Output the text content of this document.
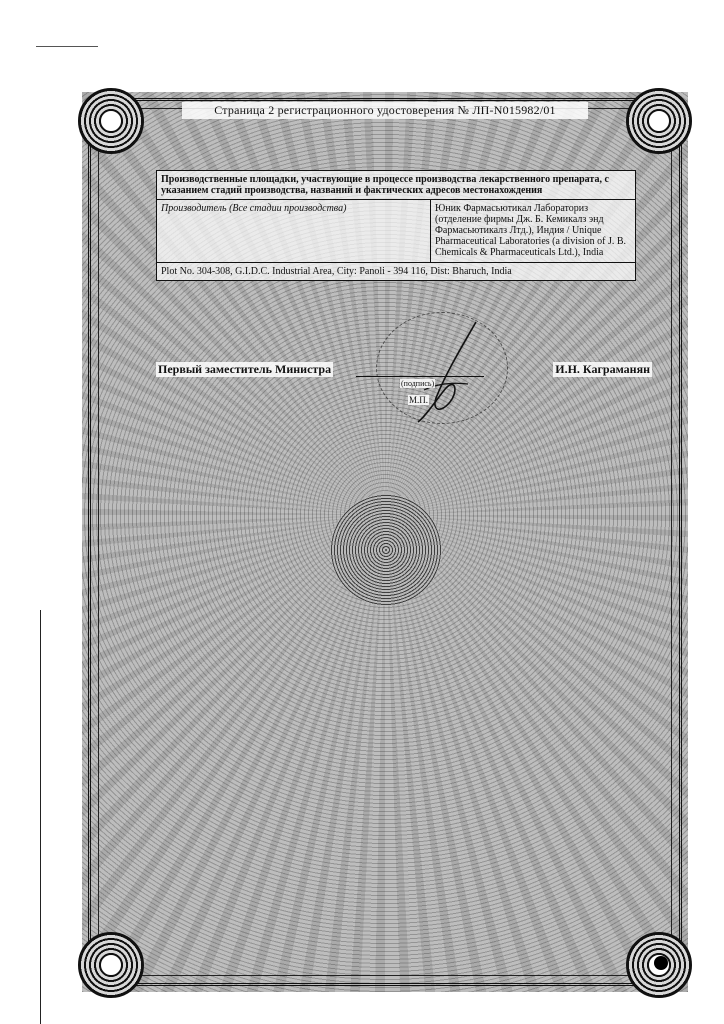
Страница 2 регистрационного удостоверения № ЛП-N015982/01
Производственные площадки, участвующие в процессе производства лекарственного препарата, с указанием стадий производства, названий и фактических адресов местонахождения
Производитель (Все стадии производства)	Юник Фармасьютикал Лабораториз (отделение фирмы Дж. Б. Кемикалз энд Фармасьютикалз Лтд.), Индия / Unique Pharmaceutical Laboratories (a division of J. B. Chemicals & Pharmaceuticals Ltd.), India
Plot No. 304-308, G.I.D.C. Industrial Area, City: Panoli - 394 116, Dist: Bharuch, India
Первый заместитель Министра
(подпись)
М.П.
И.Н. Каграманян
